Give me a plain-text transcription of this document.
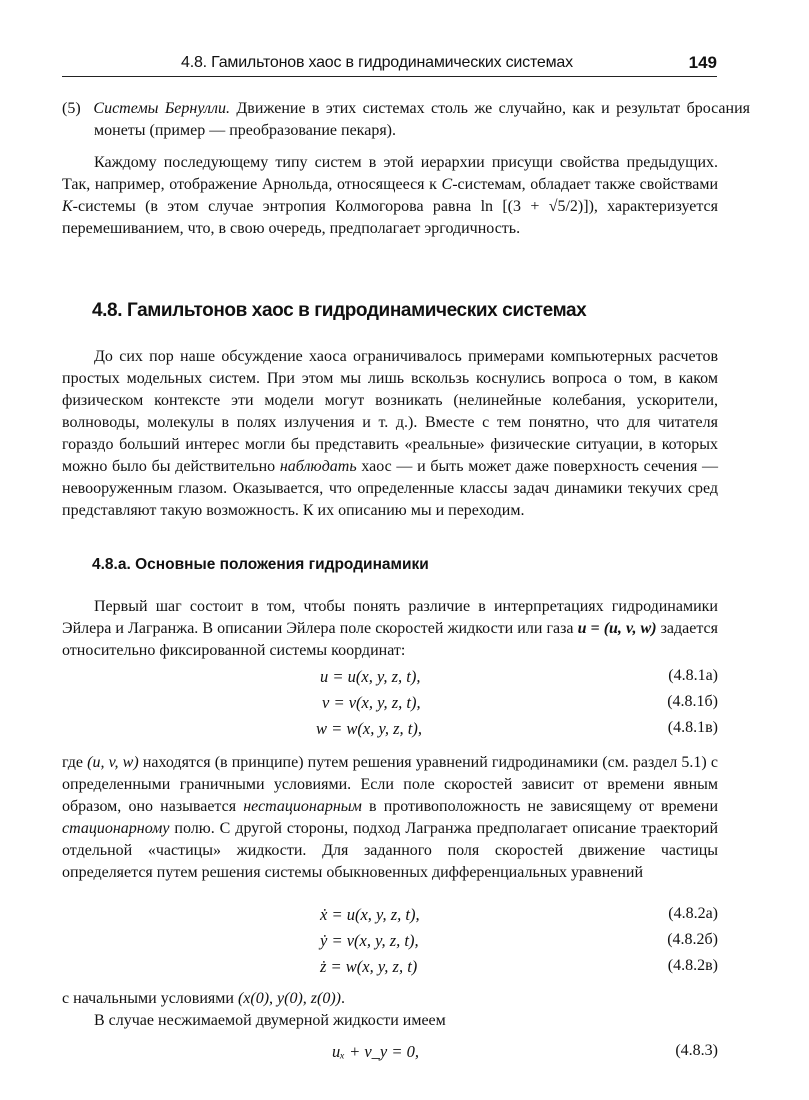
4.8. Гамильтонов хаос в гидродинамических системах	149

(5) Системы Бернулли. Движение в этих системах столь же случайно, как и результат бросания монеты (пример — преобразование пекаря).

Каждому последующему типу систем в этой иерархии присущи свойства предыдущих. Так, например, отображение Арнольда, относящееся к C-системам, обладает также свойствами K-системы (в этом случае энтропия Колмогорова равна ln [(3 + √5/2)]), характеризуется перемешиванием, что, в свою очередь, предполагает эргодичность.

4.8. Гамильтонов хаос в гидродинамических системах

До сих пор наше обсуждение хаоса ограничивалось примерами компьютерных расчетов простых модельных систем. При этом мы лишь вскользь коснулись вопроса о том, в каком физическом контексте эти модели могут возникать (нелинейные колебания, ускорители, волноводы, молекулы в полях излучения и т. д.). Вместе с тем понятно, что для читателя гораздо больший интерес могли бы представить «реальные» физические ситуации, в которых можно было бы действительно наблюдать хаос — и быть может даже поверхность сечения — невооруженным глазом. Оказывается, что определенные классы задач динамики текучих сред представляют такую возможность. К их описанию мы и переходим.

4.8.а. Основные положения гидродинамики

Первый шаг состоит в том, чтобы понять различие в интерпретациях гидродинамики Эйлера и Лагранжа. В описании Эйлера поле скоростей жидкости или газа u = (u, v, w) задается относительно фиксированной системы координат:

u = u(x, y, z, t),	(4.8.1a)
v = v(x, y, z, t),	(4.8.1б)
w = w(x, y, z, t),	(4.8.1в)

где (u, v, w) находятся (в принципе) путем решения уравнений гидродинамики (см. раздел 5.1) с определенными граничными условиями. Если поле скоростей зависит от времени явным образом, оно называется нестационарным в противоположность не зависящему от времени стационарному полю. С другой стороны, подход Лагранжа предполагает описание траекторий отдельной «частицы» жидкости. Для заданного поля скоростей движение частицы определяется путем решения системы обыкновенных дифференциальных уравнений

ẋ = u(x, y, z, t),	(4.8.2a)
ẏ = v(x, y, z, t),	(4.8.2б)
ż = w(x, y, z, t)	(4.8.2в)

с начальными условиями (x(0), y(0), z(0)).

В случае несжимаемой двумерной жидкости имеем

uₓ + v_y = 0,	(4.8.3)
